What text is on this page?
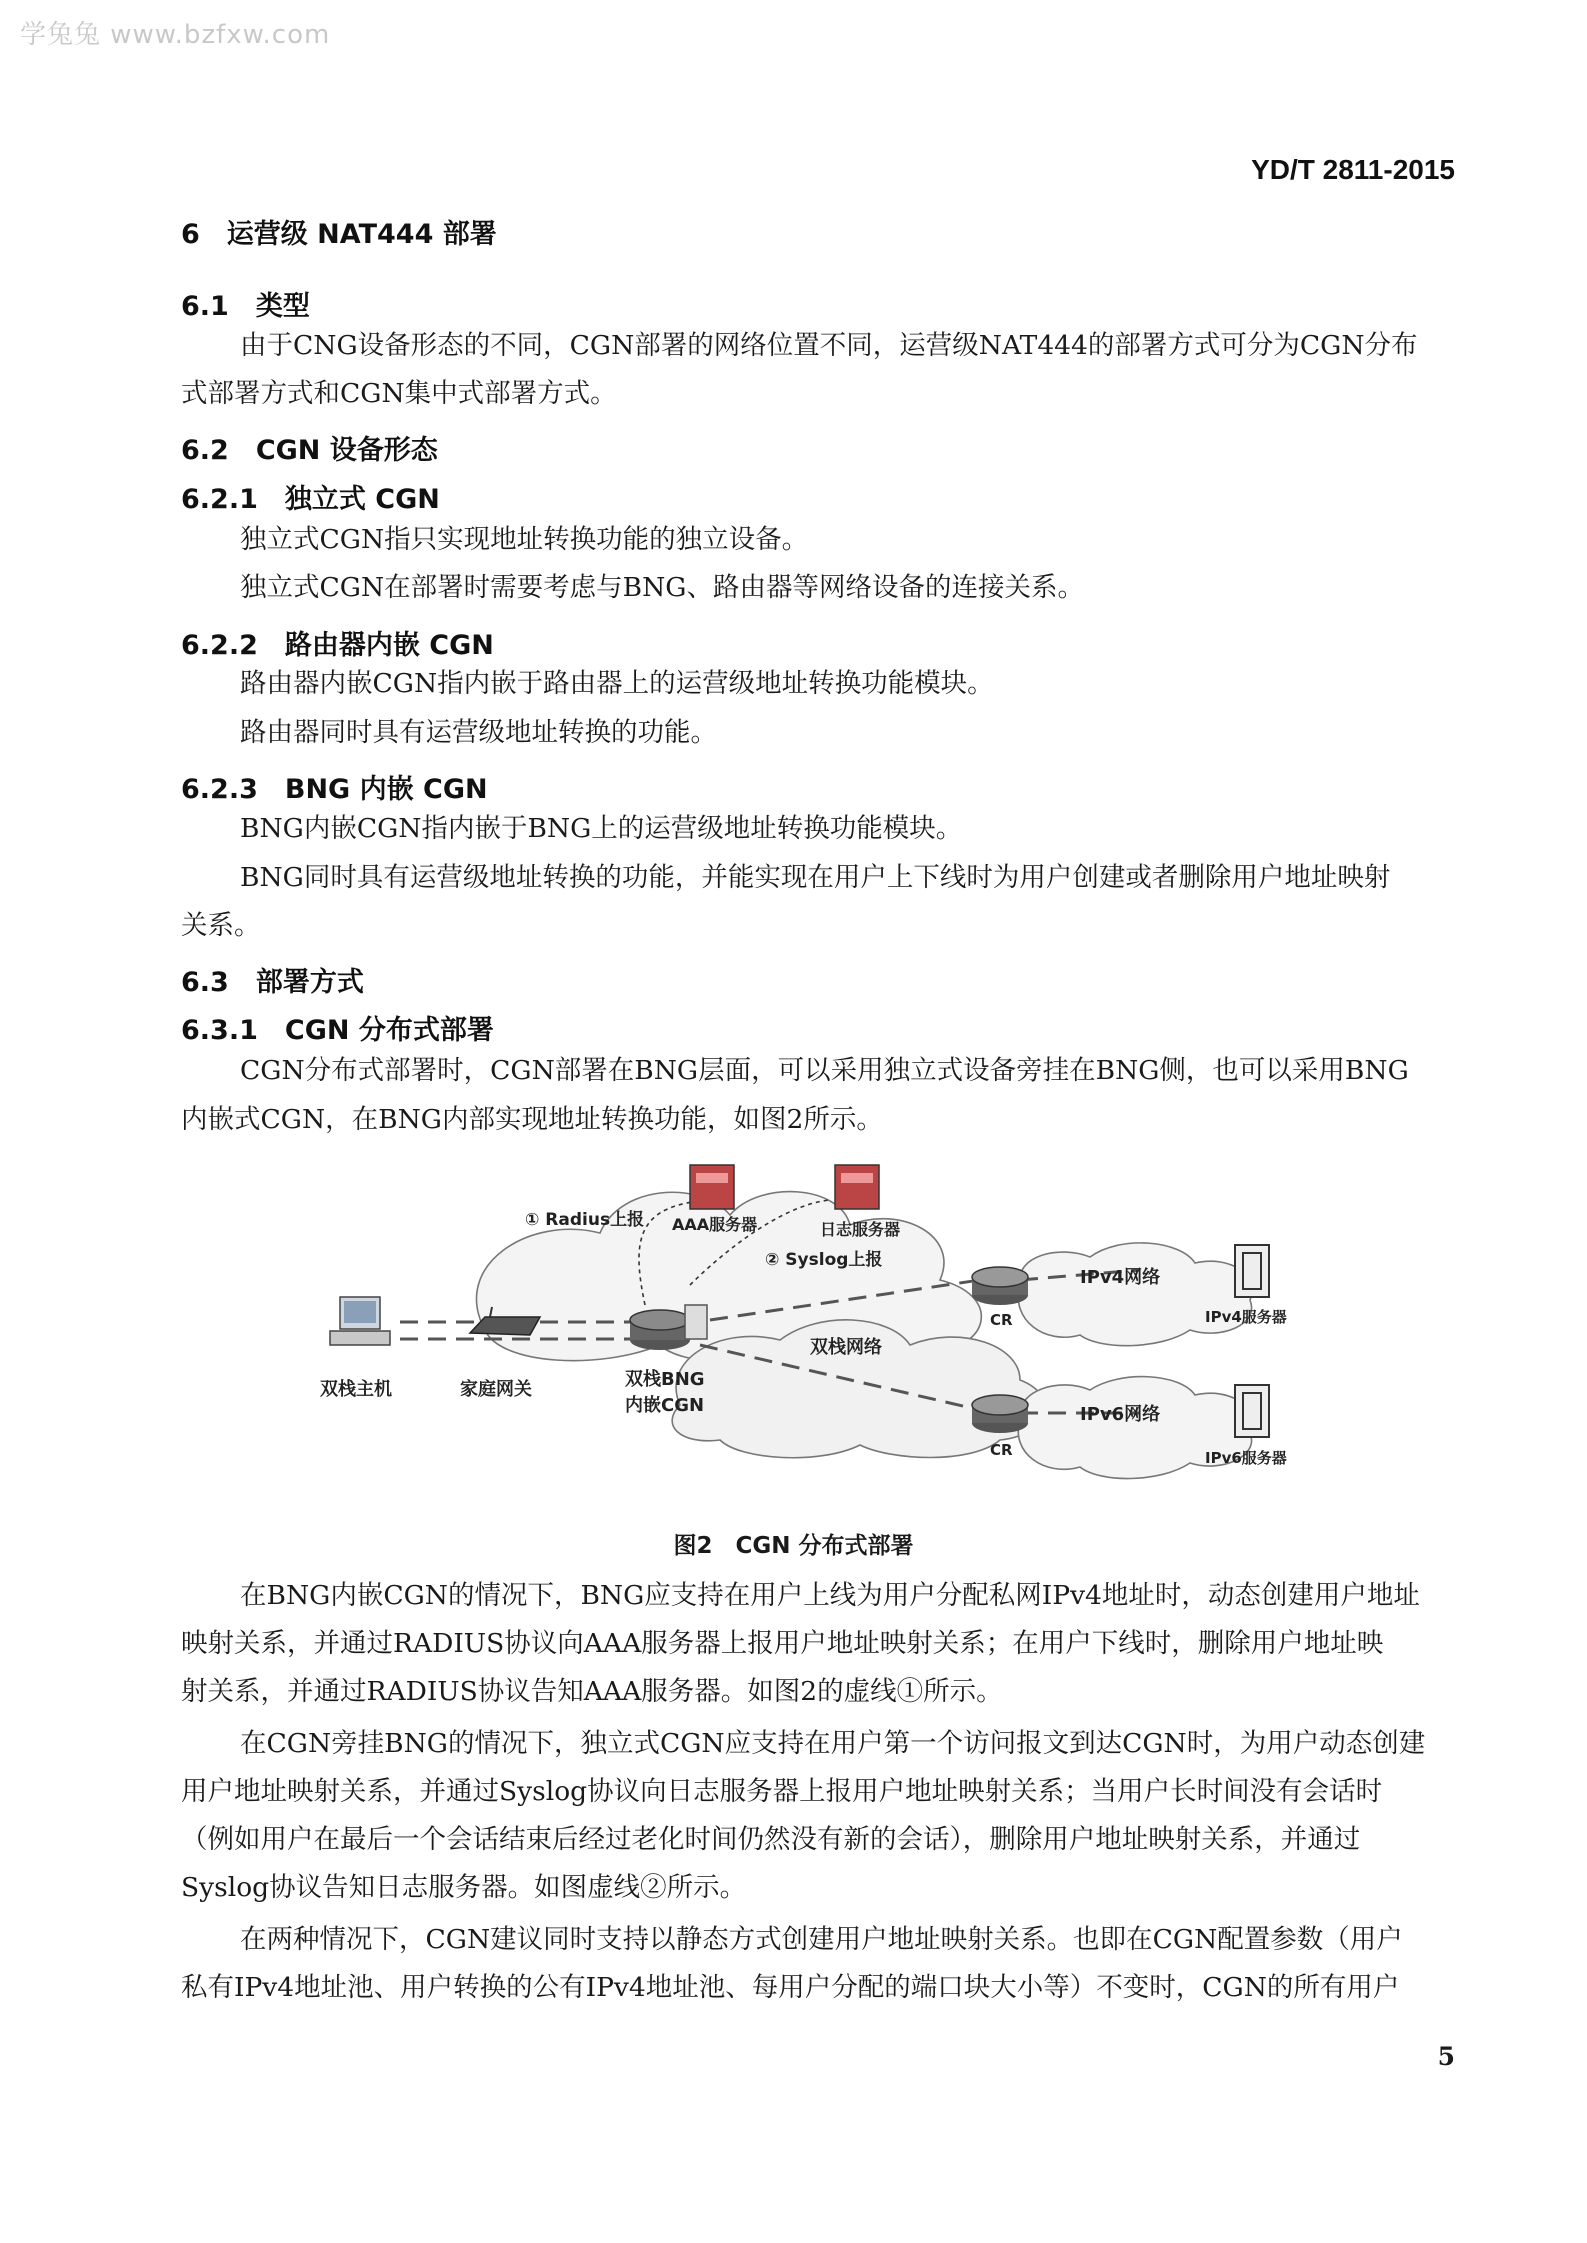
学兔兔 www.bzfxw.com
YD/T 2811-2015
6　运营级 NAT444 部署
6.1　类型
由于CNG设备形态的不同，CGN部署的网络位置不同，运营级NAT444的部署方式可分为CGN分布
式部署方式和CGN集中式部署方式。
6.2　CGN 设备形态
6.2.1　独立式 CGN
独立式CGN指只实现地址转换功能的独立设备。
独立式CGN在部署时需要考虑与BNG、路由器等网络设备的连接关系。
6.2.2　路由器内嵌 CGN
路由器内嵌CGN指内嵌于路由器上的运营级地址转换功能模块。
路由器同时具有运营级地址转换的功能。
6.2.3　BNG 内嵌 CGN
BNG内嵌CGN指内嵌于BNG上的运营级地址转换功能模块。
BNG同时具有运营级地址转换的功能，并能实现在用户上下线时为用户创建或者删除用户地址映射
关系。
6.3　部署方式
6.3.1　CGN 分布式部署
CGN分布式部署时，CGN部署在BNG层面，可以采用独立式设备旁挂在BNG侧，也可以采用BNG
内嵌式CGN，在BNG内部实现地址转换功能，如图2所示。
① Radius上报
② Syslog上报
AAA服务器	日志服务器
双栈主机	家庭网关	双栈BNG
内嵌CGN
双栈网络
CR
CR
IPv4网络
IPv6网络
IPv4服务器
IPv6服务器
图2　CGN 分布式部署
在BNG内嵌CGN的情况下，BNG应支持在用户上线为用户分配私网IPv4地址时，动态创建用户地址
映射关系，并通过RADIUS协议向AAA服务器上报用户地址映射关系；在用户下线时，删除用户地址映
射关系，并通过RADIUS协议告知AAA服务器。如图2的虚线①所示。
在CGN旁挂BNG的情况下，独立式CGN应支持在用户第一个访问报文到达CGN时，为用户动态创建
用户地址映射关系，并通过Syslog协议向日志服务器上报用户地址映射关系；当用户长时间没有会话时
（例如用户在最后一个会话结束后经过老化时间仍然没有新的会话），删除用户地址映射关系，并通过
Syslog协议告知日志服务器。如图虚线②所示。
在两种情况下，CGN建议同时支持以静态方式创建用户地址映射关系。也即在CGN配置参数（用户
私有IPv4地址池、用户转换的公有IPv4地址池、每用户分配的端口块大小等）不变时，CGN的所有用户
5
